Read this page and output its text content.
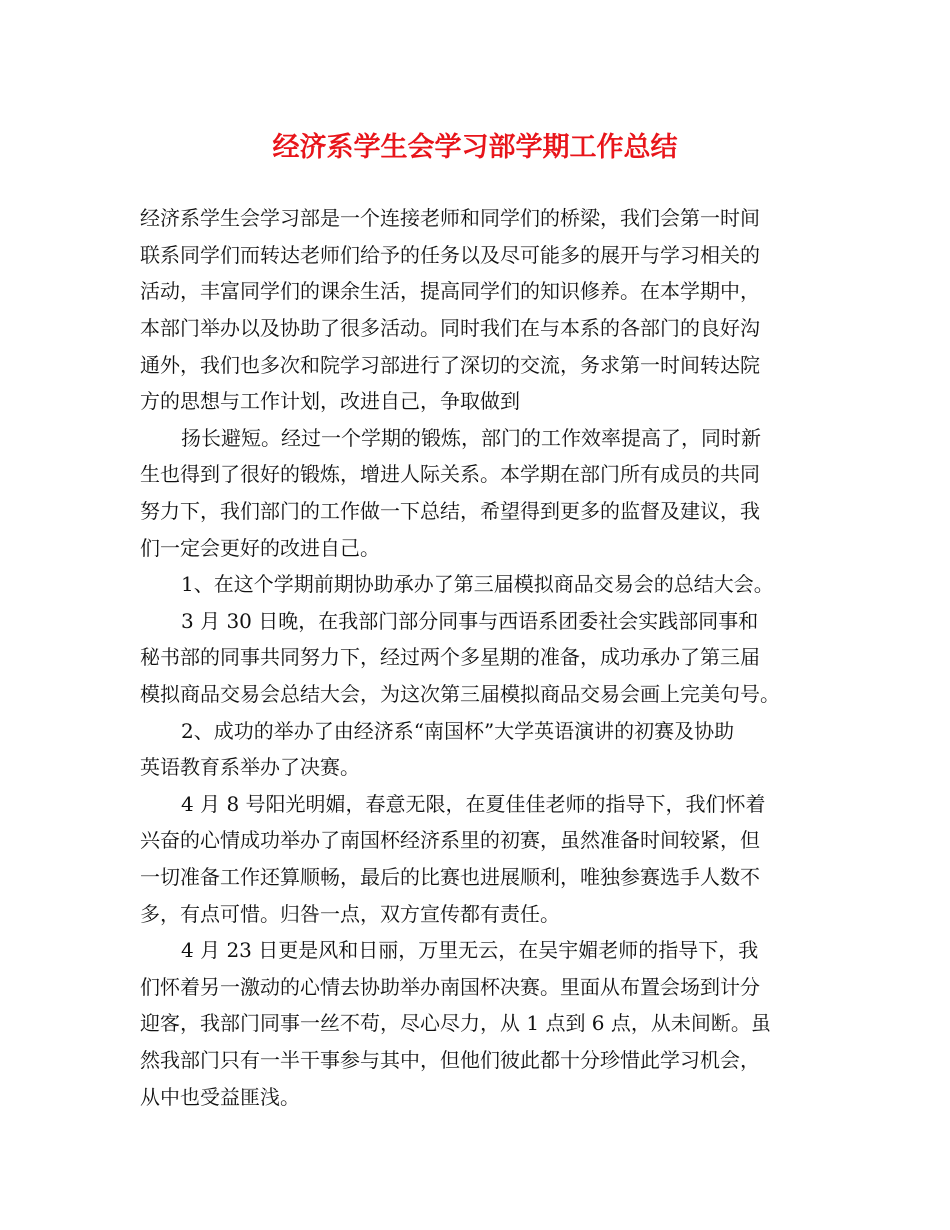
经济系学生会学习部学期工作总结
经济系学生会学习部是一个连接老师和同学们的桥梁，我们会第一时间
联系同学们而转达老师们给予的任务以及尽可能多的展开与学习相关的
活动，丰富同学们的课余生活，提高同学们的知识修养。在本学期中，
本部门举办以及协助了很多活动。同时我们在与本系的各部门的良好沟
通外，我们也多次和院学习部进行了深切的交流，务求第一时间转达院
方的思想与工作计划，改进自己，争取做到
扬长避短。经过一个学期的锻炼，部门的工作效率提高了，同时新
生也得到了很好的锻炼，增进人际关系。本学期在部门所有成员的共同
努力下，我们部门的工作做一下总结，希望得到更多的监督及建议，我
们一定会更好的改进自己。
1、在这个学期前期协助承办了第三届模拟商品交易会的总结大会。
3 月 30 日晚，在我部门部分同事与西语系团委社会实践部同事和
秘书部的同事共同努力下，经过两个多星期的准备，成功承办了第三届
模拟商品交易会总结大会，为这次第三届模拟商品交易会画上完美句号。
2、成功的举办了由经济系“南国杯”大学英语演讲的初赛及协助
英语教育系举办了决赛。
4 月 8 号阳光明媚，春意无限，在夏佳佳老师的指导下，我们怀着
兴奋的心情成功举办了南国杯经济系里的初赛，虽然准备时间较紧，但
一切准备工作还算顺畅，最后的比赛也进展顺利，唯独参赛选手人数不
多，有点可惜。归咎一点，双方宣传都有责任。
4 月 23 日更是风和日丽，万里无云，在吴宇媚老师的指导下，我
们怀着另一激动的心情去协助举办南国杯决赛。里面从布置会场到计分
迎客，我部门同事一丝不苟，尽心尽力，从 1 点到 6 点，从未间断。虽
然我部门只有一半干事参与其中，但他们彼此都十分珍惜此学习机会，
从中也受益匪浅。
